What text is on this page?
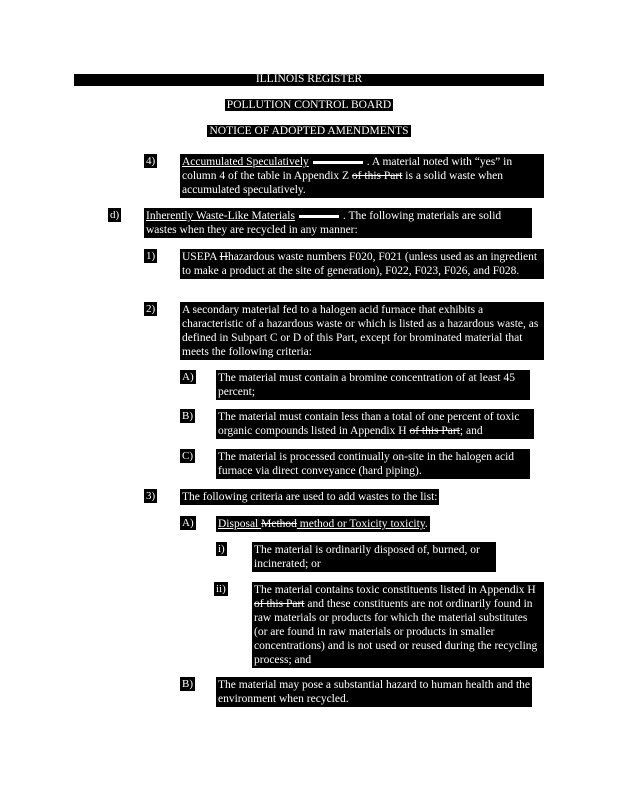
ILLINOIS REGISTER
POLLUTION CONTROL BOARD
NOTICE OF ADOPTED AMENDMENTS
4) Accumulated Speculatively	. A material noted with “yes” in column 4 of the table in Appendix Z of this Part is a solid waste when accumulated speculatively.
d) Inherently Waste-Like Materials	. The following materials are solid wastes when they are recycled in any manner:
1) USEPA Hhazardous waste numbers F020, F021 (unless used as an ingredient to make a product at the site of generation), F022, F023, F026, and F028.
2) A secondary material fed to a halogen acid furnace that exhibits a characteristic of a hazardous waste or which is listed as a hazardous waste, as defined in Subpart C or D of this Part, except for brominated material that meets the following criteria:
A) The material must contain a bromine concentration of at least 45 percent;
B) The material must contain less than a total of one percent of toxic organic compounds listed in Appendix H of this Part; and
C) The material is processed continually on-site in the halogen acid furnace via direct conveyance (hard piping).
3) The following criteria are used to add wastes to the list:
A) Disposal Method method or Toxicity toxicity.
i)	The material is ordinarily disposed of, burned, or incinerated; or
ii) The material contains toxic constituents listed in Appendix H of this Part and these constituents are not ordinarily found in raw materials or products for which the material substitutes (or are found in raw materials or products in smaller concentrations) and is not used or reused during the recycling process; and
B) The material may pose a substantial hazard to human health and the environment when recycled.
